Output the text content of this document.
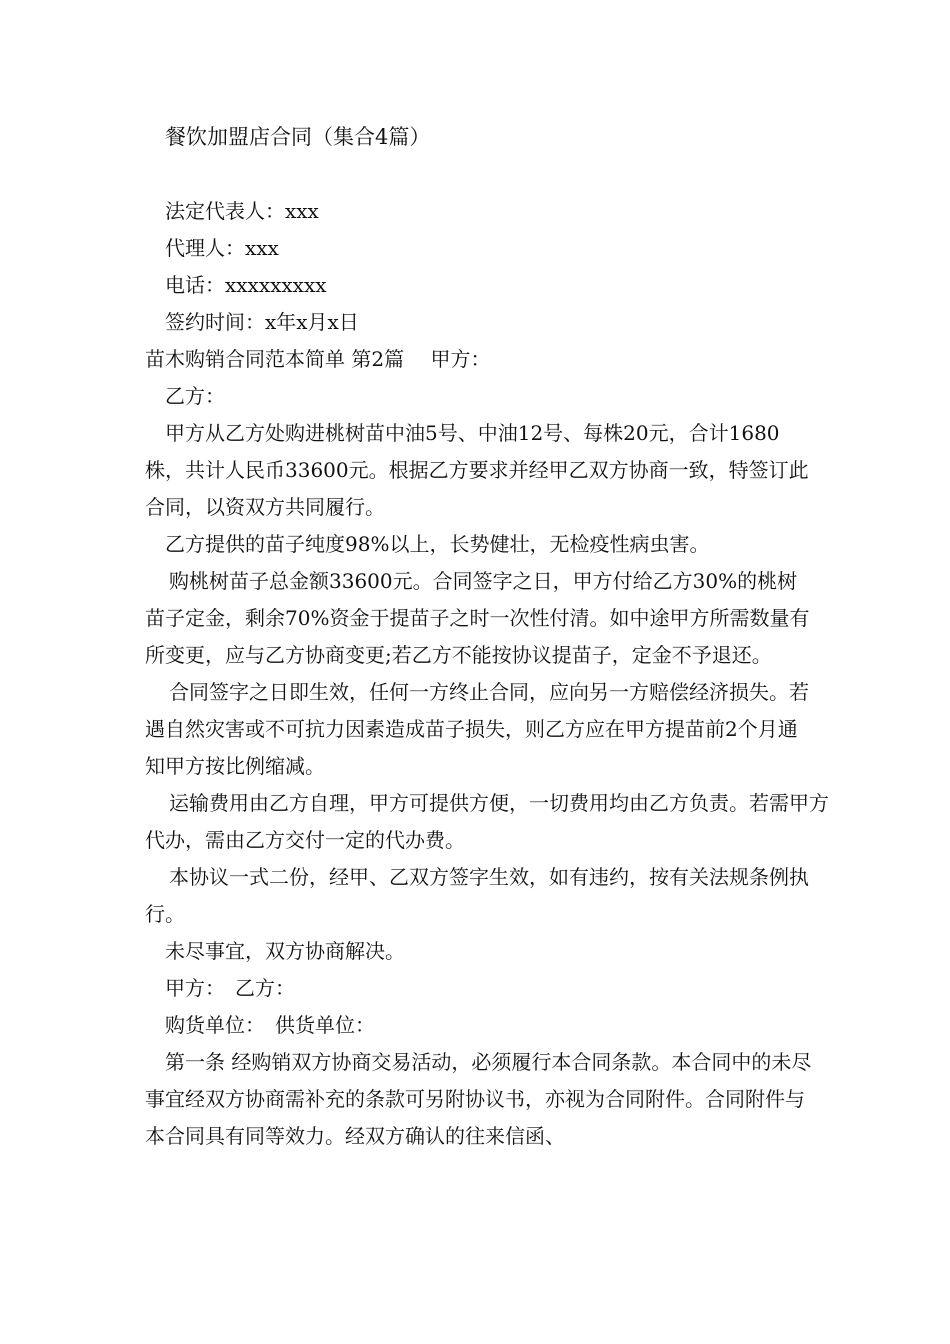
餐饮加盟店合同（集合4篇）

法定代表人：xxx

代理人：xxx

电话：xxxxxxxxx

签约时间：x年x月x日

苗木购销合同范本简单 第2篇　 甲方：

乙方：

甲方从乙方处购进桃树苗中油5号、中油12号、每株20元，合计1680株，共计人民币33600元。根据乙方要求并经甲乙双方协商一致，特签订此合同，以资双方共同履行。

乙方提供的苗子纯度98%以上，长势健壮，无检疫性病虫害。

购桃树苗子总金额33600元。合同签字之日，甲方付给乙方30%的桃树苗子定金，剩余70%资金于提苗子之时一次性付清。如中途甲方所需数量有所变更，应与乙方协商变更;若乙方不能按协议提苗子，定金不予退还。

合同签字之日即生效，任何一方终止合同，应向另一方赔偿经济损失。若遇自然灾害或不可抗力因素造成苗子损失，则乙方应在甲方提苗前2个月通知甲方按比例缩减。

运输费用由乙方自理，甲方可提供方便，一切费用均由乙方负责。若需甲方代办，需由乙方交付一定的代办费。

本协议一式二份，经甲、乙双方签字生效，如有违约，按有关法规条例执行。

未尽事宜，双方协商解决。

甲方：　乙方：

购货单位：　供货单位：

第一条 经购销双方协商交易活动，必须履行本合同条款。本合同中的未尽事宜经双方协商需补充的条款可另附协议书，亦视为合同附件。合同附件与本合同具有同等效力。经双方确认的往来信函、
